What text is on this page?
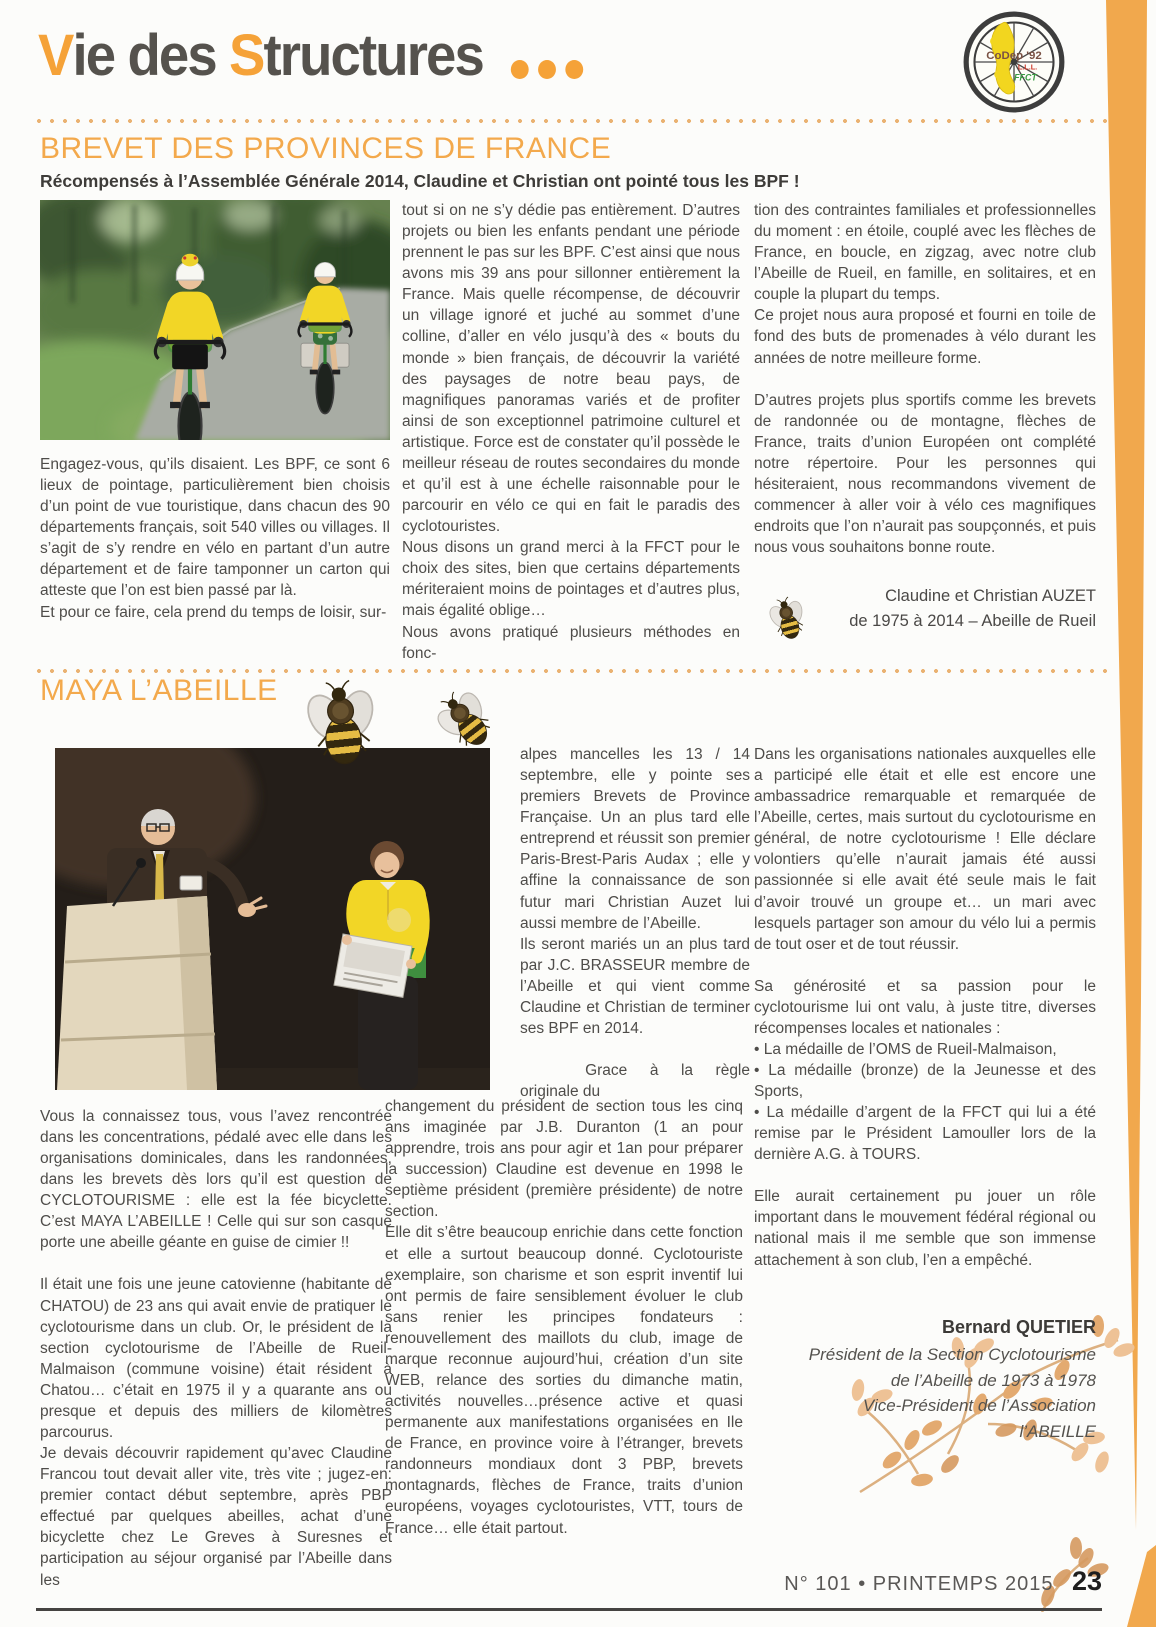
V ie des S tructures	CoDep '92
L.L.L.
FFCT
BREVET DES PROVINCES DE FRANCE

Récompensés à l’Assemblée Générale 2014, Claudine et Christian ont pointé tous les BPF !

Engagez-vous, qu’ils disaient. Les BPF, ce sont 6 lieux de pointage, particulièrement bien choisis d’un point de vue touristique, dans chacun des 90 départements français, soit 540 villes ou villages. Il s’agit de s’y rendre en vélo en partant d’un autre département et de faire tamponner un carton qui atteste que l’on est bien passé par là.

Et pour ce faire, cela prend du temps de loisir, sur-

tout si on ne s’y dédie pas entièrement. D’autres projets ou bien les enfants pendant une période prennent le pas sur les BPF. C’est ainsi que nous avons mis 39 ans pour sillonner entièrement la France. Mais quelle récompense, de découvrir un village ignoré et juché au sommet d’une colline, d’aller en vélo jusqu’à des « bouts du monde » bien français, de découvrir la variété des paysages de notre beau pays, de magnifiques panoramas variés et de profiter ainsi de son exceptionnel patrimoine culturel et artistique. Force est de constater qu’il possède le meilleur réseau de routes secondaires du monde et qu’il est à une échelle raisonnable pour le parcourir en vélo ce qui en fait le paradis des cyclotouristes.

Nous disons un grand merci à la FFCT pour le choix des sites, bien que certains départements mériteraient moins de pointages et d’autres plus, mais égalité oblige…

Nous avons pratiqué plusieurs méthodes en fonc-

tion des contraintes familiales et professionnelles du moment : en étoile, couplé avec les flèches de France, en boucle, en zigzag, avec notre club l’Abeille de Rueil, en famille, en solitaires, et en couple la plupart du temps.

Ce projet nous aura proposé et fourni en toile de fond des buts de promenades à vélo durant les années de notre meilleure forme.

D’autres projets plus sportifs comme les brevets de randonnée ou de montagne, flèches de France, traits d’union Européen ont complété notre répertoire. Pour les personnes qui hésiteraient, nous recommandons vivement de commencer à aller voir à vélo ces magnifiques endroits que l’on n’aurait pas soupçonnés, et puis nous vous souhaitons bonne route.

Claudine et Christian AUZET
de 1975 à 2014 – Abeille de Rueil
MAYA L’ABEILLE

alpes mancelles les 13 / 14 septembre, elle y pointe ses premiers Brevets de Province Française. Un an plus tard elle entreprend et réussit son premier Paris-Brest-Paris Audax ; elle y affine la connaissance de son futur mari Christian Auzet lui aussi membre de l’Abeille.

Ils seront mariés un an plus tard par J.C. BRASSEUR membre de l’Abeille et qui vient comme Claudine et Christian de terminer ses BPF en 2014.

Grace à la règle originale du

Vous la connaissez tous, vous l’avez rencontrée dans les concentrations, pédalé avec elle dans les organisations dominicales, dans les randonnées, dans les brevets dès lors qu’il est question de CYCLOTOURISME : elle est la fée bicyclette. C’est MAYA L’ABEILLE ! Celle qui sur son casque porte une abeille géante en guise de cimier !!

Il était une fois une jeune catovienne (habitante de CHATOU) de 23 ans qui avait envie de pratiquer le cyclotourisme dans un club. Or, le président de la section cyclotourisme de l’Abeille de Rueil-Malmaison (commune voisine) était résident à Chatou… c’était en 1975 il y a quarante ans ou presque et depuis des milliers de kilomètres parcourus.

Je devais découvrir rapidement qu’avec Claudine Francou tout devait aller vite, très vite ; jugez-en: premier contact début septembre, après PBP effectué par quelques abeilles, achat d’une bicyclette chez Le Greves à Suresnes et participation au séjour organisé par l’Abeille dans les

changement du président de section tous les cinq ans imaginée par J.B. Duranton (1 an pour apprendre, trois ans pour agir et 1an pour préparer la succession) Claudine est devenue en 1998 le septième président (première présidente) de notre section.

Elle dit s’être beaucoup enrichie dans cette fonction et elle a surtout beaucoup donné. Cyclotouriste exemplaire, son charisme et son esprit inventif lui ont permis de faire sensiblement évoluer le club sans renier les principes fondateurs : renouvellement des maillots du club, image de marque reconnue aujourd’hui, création d’un site WEB, relance des sorties du dimanche matin, activités nouvelles…présence active et quasi permanente aux manifestations organisées en Ile de France, en province voire à l’étranger, brevets randonneurs mondiaux dont 3 PBP, brevets montagnards, flèches de France, traits d’union européens, voyages cyclotouristes, VTT, tours de France… elle était partout.

Dans les organisations nationales auxquelles elle a participé elle était et elle est encore une ambassadrice remarquable et remarquée de l’Abeille, certes, mais surtout du cyclotourisme en général, de notre cyclotourisme ! Elle déclare volontiers qu’elle n’aurait jamais été aussi passionnée si elle avait été seule mais le fait d’avoir trouvé un groupe et… un mari avec lesquels partager son amour du vélo lui a permis de tout oser et de tout réussir.

Sa générosité et sa passion pour le cyclotourisme lui ont valu, à juste titre, diverses récompenses locales et nationales :

• La médaille de l’OMS de Rueil-Malmaison,

• La médaille (bronze) de la Jeunesse et des Sports,

• La médaille d’argent de la FFCT qui lui a été remise par le Président Lamouller lors de la dernière A.G. à TOURS.

Elle aurait certainement pu jouer un rôle important dans le mouvement fédéral régional ou national mais il me semble que son immense attachement à son club, l’en a empêché.

Bernard QUETIER

Président de la Section Cyclotourisme

de l’Abeille de 1973 à 1978

Vice-Président de l’Association

l’ABEILLE

N° 101 • PRINTEMPS 2015 23
